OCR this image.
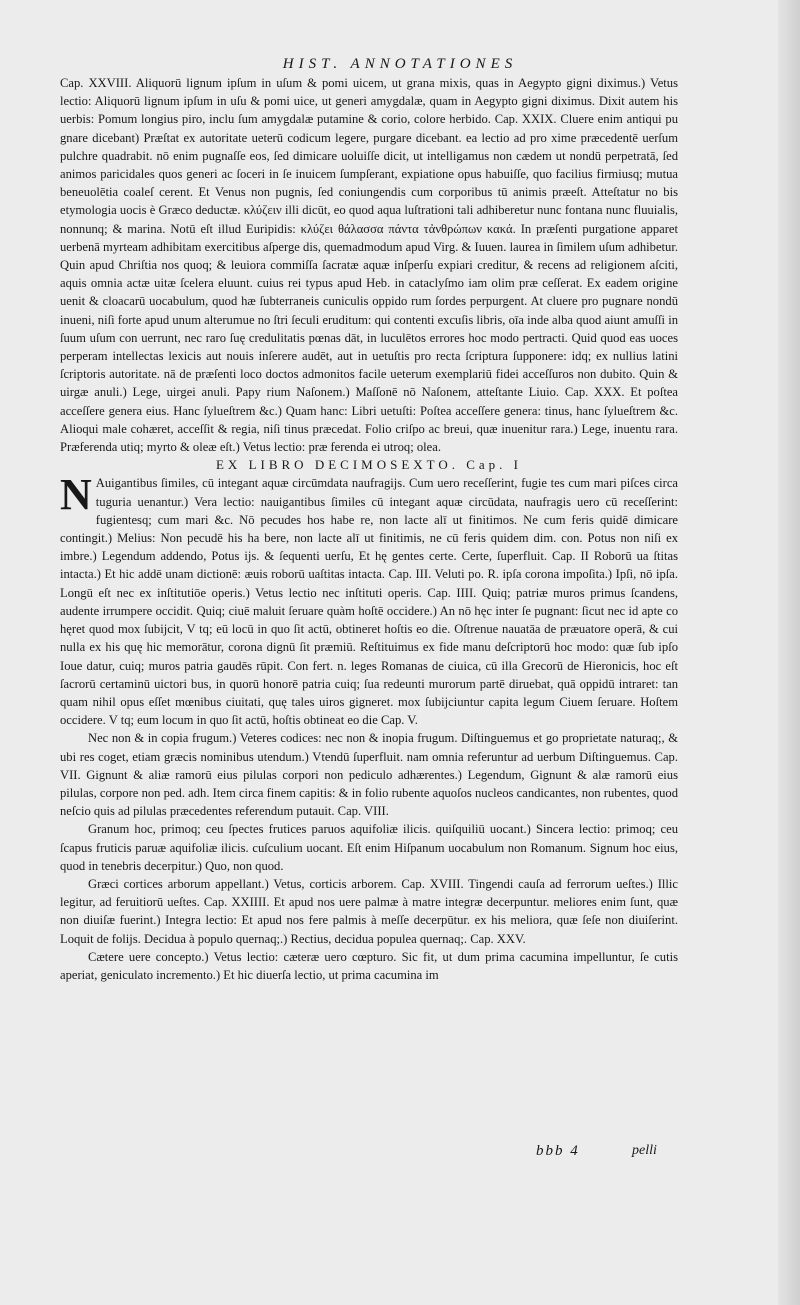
HIST. ANNOTATIONES

Cap. XXVIII. Aliquorū lignum ipſum in uſum & pomi uicem, ut grana mixis, quas in Aegypto gigni diximus.) Vetus lectio: Aliquorū lignum ipſum in uſu & pomi uice, ut generi amygdalæ, quam in Aegypto gigni diximus. Dixit autem his uerbis: Pomum longius piro, inclu ſum amygdalæ putamine & corio, colore herbido. Cap. XXIX. Cluere enim antiqui pu gnare dicebant) Præſtat ex autoritate ueterū codicum legere, purgare dicebant. ea lectio ad pro xime præcedentē uerſum pulchre quadrabit. nō enim pugnaſſe eos, ſed dimicare uoluiſſe dicit, ut intelligamus non cædem ut nondū perpetratā, ſed animos paricidales quos generi ac ſoceri in ſe inuicem ſumpſerant, expiatione opus habuiſſe, quo facilius firmiusq; mutua beneuolētia coaleſ cerent. Et Venus non pugnis, ſed coniungendis cum corporibus tū animis præeſt. Atteſtatur no bis etymologia uocis è Græco deductæ. κλύζειν illi dicūt, eo quod aqua luſtrationi tali adhiberetur nunc fontana nunc fluuialis, nonnunq; & marina. Notū eſt illud Euripidis: κλύζει θάλασσα πάντα τἀνθρώπων κακά. In præſenti purgatione apparet uerbenā myrteam adhibitam exercitibus aſperge dis, quemadmodum apud Virg. & Iuuen. laurea in ſimilem uſum adhibetur. Quin apud Chriſtia nos quoq; & leuiora commiſſa ſacratæ aquæ inſperſu expiari creditur, & recens ad religionem aſciti, aquis omnia actæ uitæ ſcelera eluunt. cuius rei typus apud Heb. in cataclyſmo iam olim præ ceſſerat. Ex eadem origine uenit & cloacarū uocabulum, quod hæ ſubterraneis cuniculis oppido rum ſordes perpurgent. At cluere pro pugnare nondū inueni, niſi forte apud unum alterumue no ſtri ſeculi eruditum: qui contenti excuſis libris, oīa inde alba quod aiunt amuſſi in ſuum uſum con uerrunt, nec raro ſuę credulitatis pœnas dāt, in luculētos errores hoc modo pertracti. Quid quod eas uoces perperam intellectas lexicis aut nouis inſerere audēt, aut in uetuſtis pro recta ſcriptura ſupponere: idq; ex nullius latini ſcriptoris autoritate. nā de præſenti loco doctos admonitos facile ueterum exemplariū fidei acceſſuros non dubito. Quin & uirgæ anuli.) Lege, uirgei anuli. Papy rium Naſonem.) Maſſonē nō Naſonem, atteſtante Liuio. Cap. XXX. Et poſtea acceſſere genera eius. Hanc ſylueſtrem &c.) Quam hanc: Libri uetuſti: Poſtea acceſſere genera: tinus, hanc ſylueſtrem &c. Alioqui male cohæret, acceſſit & regia, niſi tinus præcedat. Folio criſpo ac breui, quæ inuenitur rara.) Lege, inuentu rara. Præferenda utiq; myrto & oleæ eſt.) Vetus lectio: præ ferenda ei utroq; olea.

EX LIBRO DECIMOSEXTO. Cap. I

N Auigantibus ſimiles, cū integant aquæ circūmdata naufragijs. Cum uero receſſerint, fugie tes cum mari piſces circa tuguria uenantur.) Vera lectio: nauigantibus ſimiles cū integant aquæ circūdata, naufragis uero cū receſſerint: fugientesq; cum mari &c. Nō pecudes hos habe re, non lacte alī ut finitimos. Ne cum feris quidē dimicare contingit.) Melius: Non pecudē his ha bere, non lacte alī ut finitimis, ne cū feris quidem dim. con. Potus non niſi ex imbre.) Legendum addendo, Potus ijs. & ſequenti uerſu, Et hę gentes certe. Certe, ſuperfluit. Cap. II Roborū ua ſtitas intacta.) Et hic addē unam dictionē: æuis roborū uaſtitas intacta. Cap. III. Veluti po. R. ipſa corona impoſita.) Ipſi, nō ipſa. Longū eſt nec ex inſtitutiōe operis.) Vetus lectio nec inſtituti operis. Cap. IIII. Quiq; patriæ muros primus ſcandens, audente irrumpere occidit. Quiq; ciuē maluit ſeruare quàm hoſtē occidere.) An nō hęc inter ſe pugnant: ſicut nec id apte co hęret quod mox ſubijcit, V tq; eū locū in quo ſit actū, obtineret hoſtis eo die. Oſtrenue nauatāa de præuatore operā, & cui nulla ex his quę hic memorātur, corona dignū ſit præmiū. Reſtituimus ex fide manu deſcriptorū hoc modo: quæ ſub ipſo Ioue datur, cuiq; muros patria gaudēs rūpit. Con fert. n. leges Romanas de ciuica, cū illa Grecorū de Hieronicis, hoc eſt ſacrorū certaminū uictori bus, in quorū honorē patria cuiq; ſua redeunti murorum partē diruebat, quā oppidū intraret: tan quam nihil opus eſſet mœnibus ciuitati, quę tales uiros gigneret. mox ſubijciuntur capita legum Ciuem ſeruare. Hoſtem occidere. V tq; eum locum in quo ſit actū, hoſtis obtineat eo die Cap. V.

Nec non & in copia frugum.) Veteres codices: nec non & inopia frugum. Diſtinguemus et go proprietate naturaq;, & ubi res coget, etiam græcis nominibus utendum.) Vtendū ſuperfluit. nam omnia referuntur ad uerbum Diſtinguemus. Cap. VII. Gignunt & aliæ ramorū eius pilulas corpori non pediculo adhærentes.) Legendum, Gignunt & alæ ramorū eius pilulas, corpore non ped. adh. Item circa finem capitis: & in folio rubente aquoſos nucleos candicantes, non rubentes, quod neſcio quis ad pilulas præcedentes referendum putauit. Cap. VIII.

Granum hoc, primoq; ceu ſpectes frutices paruos aquifoliæ ilicis. quiſquiliū uocant.) Sincera lectio: primoq; ceu ſcapus fruticis paruæ aquifoliæ ilicis. cuſculium uocant. Eſt enim Hiſpanum uocabulum non Romanum. Signum hoc eius, quod in tenebris decerpitur.) Quo, non quod.

Græci cortices arborum appellant.) Vetus, corticis arborem. Cap. XVIII. Tingendi cauſa ad ferrorum ueſtes.) Illic legitur, ad feruitiorū ueſtes. Cap. XXIIII. Et apud nos uere palmæ à matre integræ decerpuntur. meliores enim ſunt, quæ non diuiſæ fuerint.) Integra lectio: Et apud nos fere palmis à meſſe decerpūtur. ex his meliora, quæ ſeſe non diuiſerint. Loquit de folijs. Decidua à populo quernaq;.) Rectius, decidua populea quernaq;. Cap. XXV.

Cætere uere concepto.) Vetus lectio: cæteræ uero cœpturo. Sic fit, ut dum prima cacumina impelluntur, ſe cutis aperiat, geniculato incremento.) Et hic diuerſa lectio, ut prima cacumina im

bbb 4	pelli
